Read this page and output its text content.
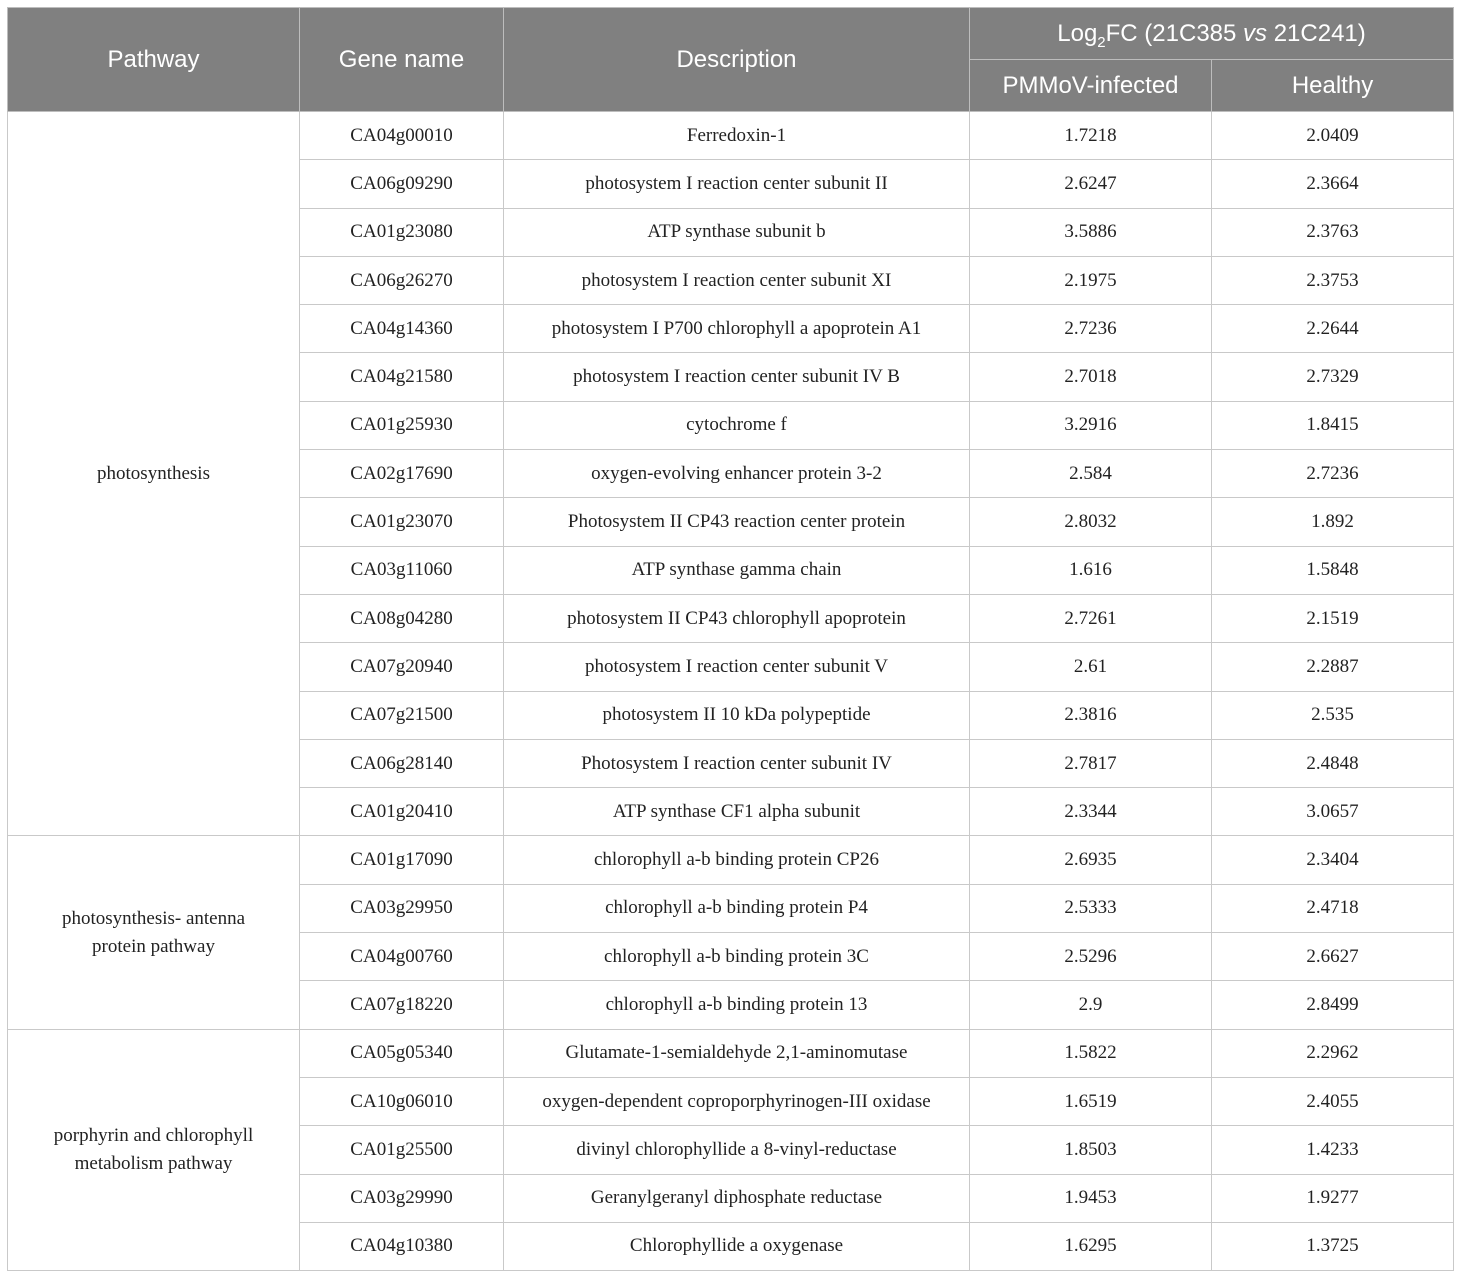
Pathway	Gene name	Description	Log$_2$FC (21C385 vs 21C241)	
			PMMoV-infected	Healthy
photosynthesis	CA04g00010	Ferredoxin-1	1.7218	2.0409
	CA06g09290	photosystem I reaction center subunit II	2.6247	2.3664
	CA01g23080	ATP synthase subunit b	3.5886	2.3763
	CA06g26270	photosystem I reaction center subunit XI	2.1975	2.3753
	CA04g14360	photosystem I P700 chlorophyll a apoprotein A1	2.7236	2.2644
	CA04g21580	photosystem I reaction center subunit IV B	2.7018	2.7329
	CA01g25930	cytochrome f	3.2916	1.8415
	CA02g17690	oxygen-evolving enhancer protein 3-2	2.584	2.7236
	CA01g23070	Photosystem II CP43 reaction center protein	2.8032	1.892
	CA03g11060	ATP synthase gamma chain	1.616	1.5848
	CA08g04280	photosystem II CP43 chlorophyll apoprotein	2.7261	2.1519
	CA07g20940	photosystem I reaction center subunit V	2.61	2.2887
	CA07g21500	photosystem II 10 kDa polypeptide	2.3816	2.535
	CA06g28140	Photosystem I reaction center subunit IV	2.7817	2.4848
	CA01g20410	ATP synthase CF1 alpha subunit	2.3344	3.0657
photosynthesis- antenna protein pathway	CA01g17090	chlorophyll a-b binding protein CP26	2.6935	2.3404
	CA03g29950	chlorophyll a-b binding protein P4	2.5333	2.4718
	CA04g00760	chlorophyll a-b binding protein 3C	2.5296	2.6627
	CA07g18220	chlorophyll a-b binding protein 13	2.9	2.8499
porphyrin and chlorophyll metabolism pathway	CA05g05340	Glutamate-1-semialdehyde 2,1-aminomutase	1.5822	2.2962
	CA10g06010	oxygen-dependent coproporphyrinogen-III oxidase	1.6519	2.4055
	CA01g25500	divinyl chlorophyllide a 8-vinyl-reductase	1.8503	1.4233
	CA03g29990	Geranylgeranyl diphosphate reductase	1.9453	1.9277
	CA04g10380	Chlorophyllide a oxygenase	1.6295	1.3725
